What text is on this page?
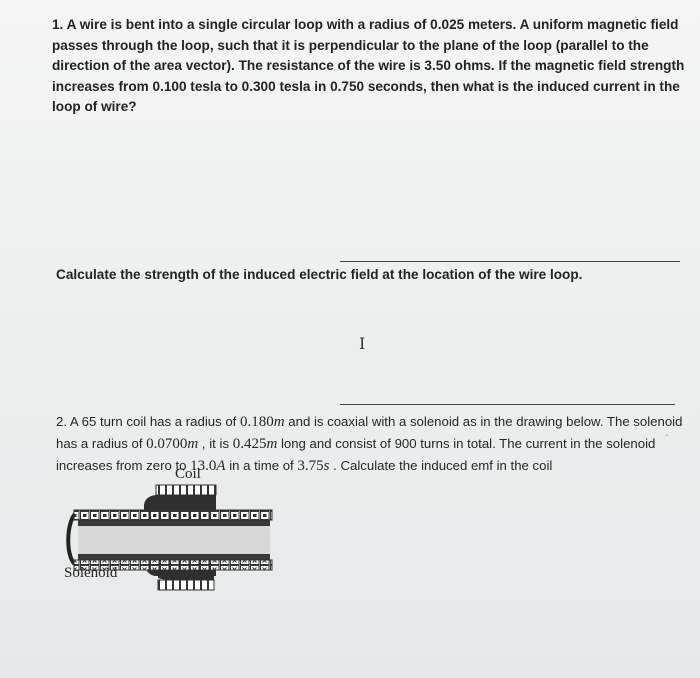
1. A wire is bent into a single circular loop with a radius of 0.025 meters. A uniform magnetic field passes through the loop, such that it is perpendicular to the plane of the loop (parallel to the direction of the area vector). The resistance of the wire is 3.50 ohms. If the magnetic field strength increases from 0.100 tesla to 0.300 tesla in 0.750 seconds, then what is the induced current in the loop of wire?
Calculate the strength of the induced electric field at the location of the wire loop.
I
2. A 65 turn coil has a radius of 0.180m and is coaxial with a solenoid as in the drawing below. The solenoid has a radius of 0.0700m , it is 0.425m long and consist of 900 turns in total. The current in the solenoid increases from zero to 13.0A in a time of 3.75s . Calculate the induced emf in the coil
'
Coil
Solenoid
